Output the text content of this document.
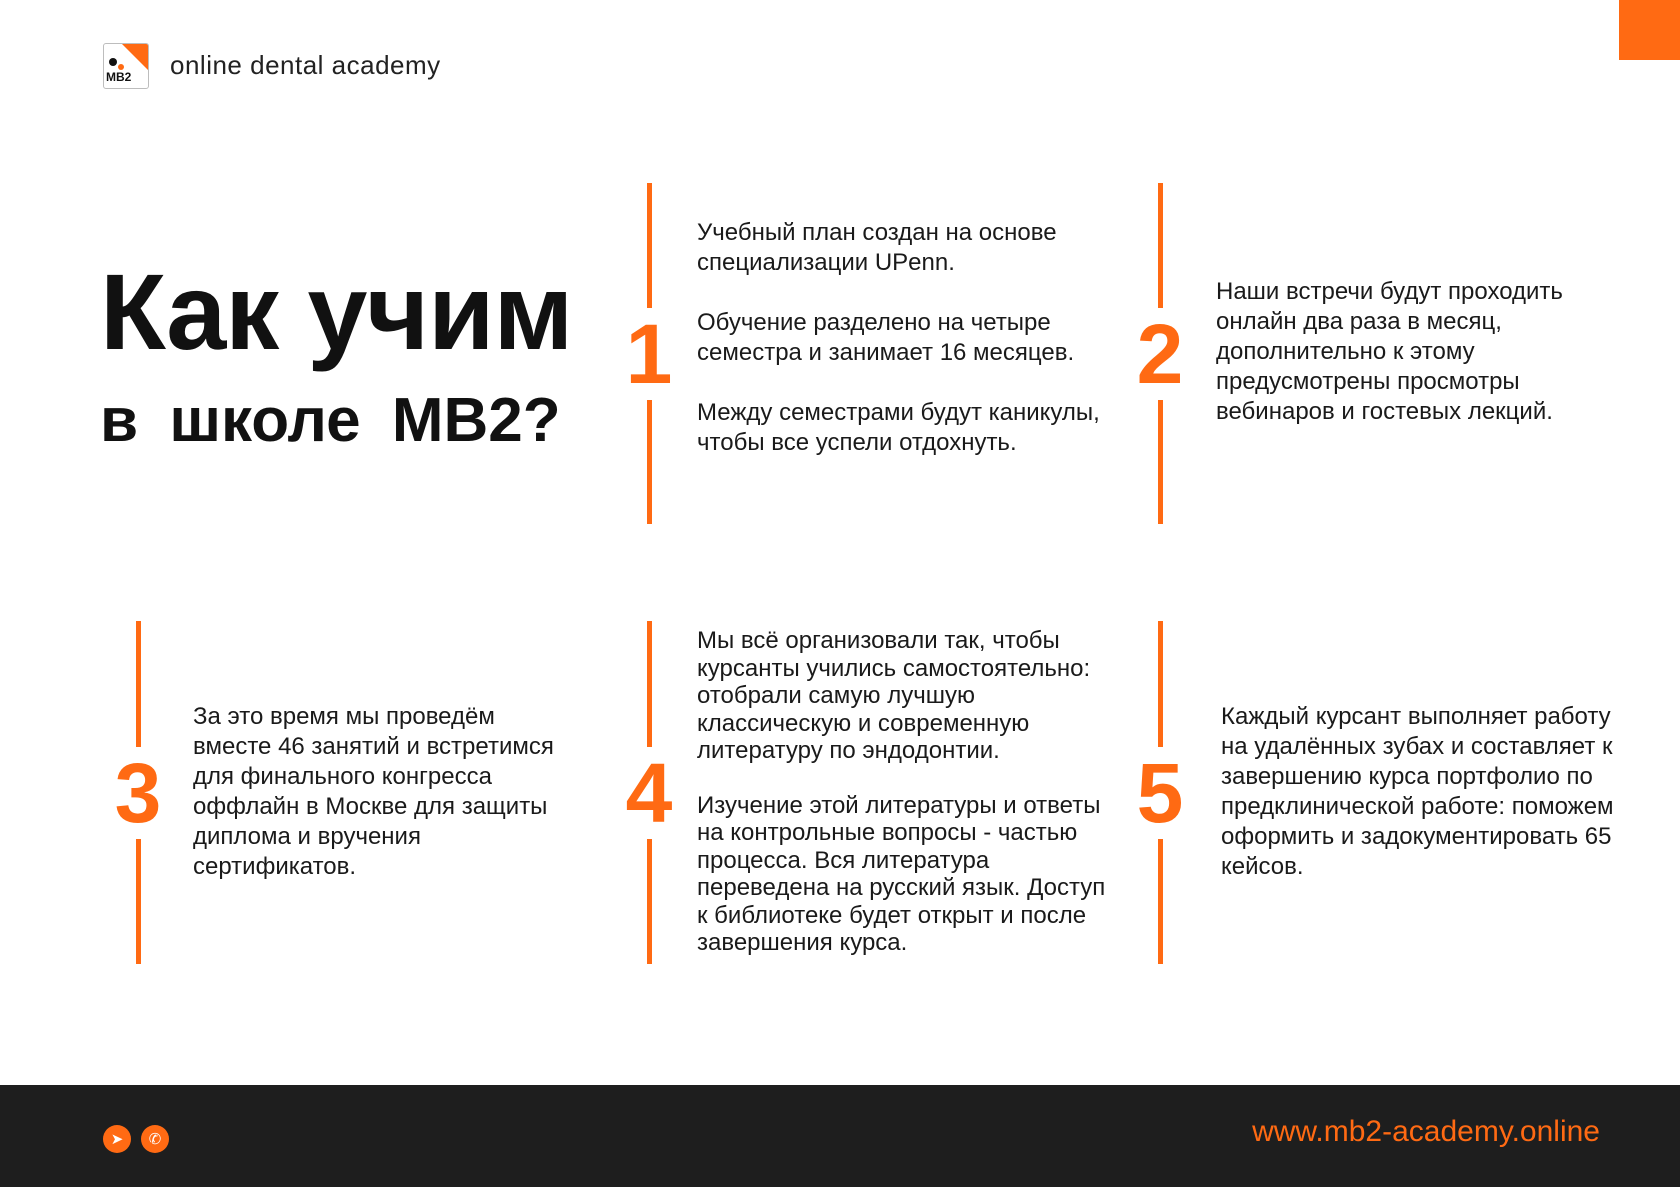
MB2 online dental academy
Как учим
в школе MB2?
1

Учебный план создан на основе специализации UPenn.

Обучение разделено на четыре семестра и занимает 16 месяцев.

Между семестрами будут каникулы, чтобы все успели отдохнуть.

2

Наши встречи будут проходить онлайн два раза в месяц, дополнительно к этому предусмотрены просмотры вебинаров и гостевых лекций.

3

За это время мы проведём вместе 46 занятий и встретимся для финального конгресса оффлайн в Москве для защиты диплома и вручения сертификатов.

4

Мы всё организовали так, чтобы курсанты учились самостоятельно: отобрали самую лучшую классическую и современную литературу по эндодонтии.

Изучение этой литературы и ответы на контрольные вопросы - частью процесса. Вся литература переведена на русский язык. Доступ к библиотеке будет открыт и после завершения курса.

5

Каждый курсант выполняет работу на удалённых зубах и составляет к завершению курса портфолио по предклинической работе: поможем оформить и задокументировать 65 кейсов.

➤	✆	www.mb2-academy.online
